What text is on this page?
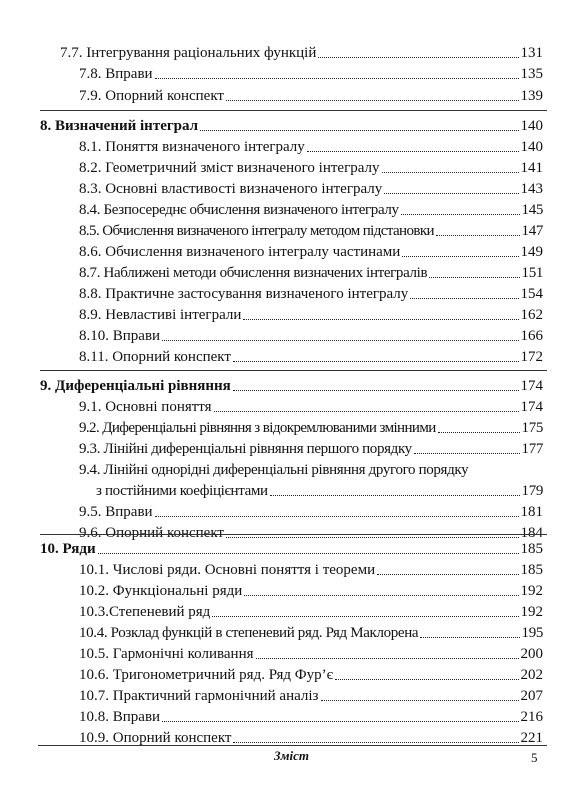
7.7. Інтегрування раціональних функцій	131
7.8. Вправи	135
7.9. Опорний конспект	139
8. Визначений інтеграл	140
8.1. Поняття визначеного інтегралу	140
8.2. Геометричний зміст визначеного інтегралу	141
8.3. Основні властивості визначеного інтегралу	143
8.4. Безпосереднє обчислення визначеного інтегралу	145
8.5. Обчислення визначеного інтегралу методом підстановки	147
8.6. Обчислення визначеного інтегралу частинами	149
8.7. Наближені методи обчислення визначених інтегралів	151
8.8. Практичне застосування визначеного інтегралу	154
8.9. Невластиві інтеграли	162
8.10. Вправи	166
8.11. Опорний конспект	172
9. Диференціальні рівняння	174
9.1. Основні поняття	174
9.2. Диференціальні рівняння з відокремлюваними змінними	175
9.3. Лінійні диференціальні рівняння першого порядку	177
9.4. Лінійні однорідні диференціальні рівняння другого порядку
з постійними коефіцієнтами	179
9.5. Вправи	181
9.6. Опорний конспект	184
10. Ряди	185
10.1. Числові ряди. Основні поняття і теореми	185
10.2. Функціональні ряди	192
10.3.Степеневий ряд	192
10.4. Розклад функцій в степеневий ряд. Ряд Маклорена	195
10.5. Гармонічні коливання	200
10.6. Тригонометричний ряд. Ряд Фур’є	202
10.7. Практичний гармонічний аналіз	207
10.8. Вправи	216
10.9. Опорний конспект	221
Зміст	5
